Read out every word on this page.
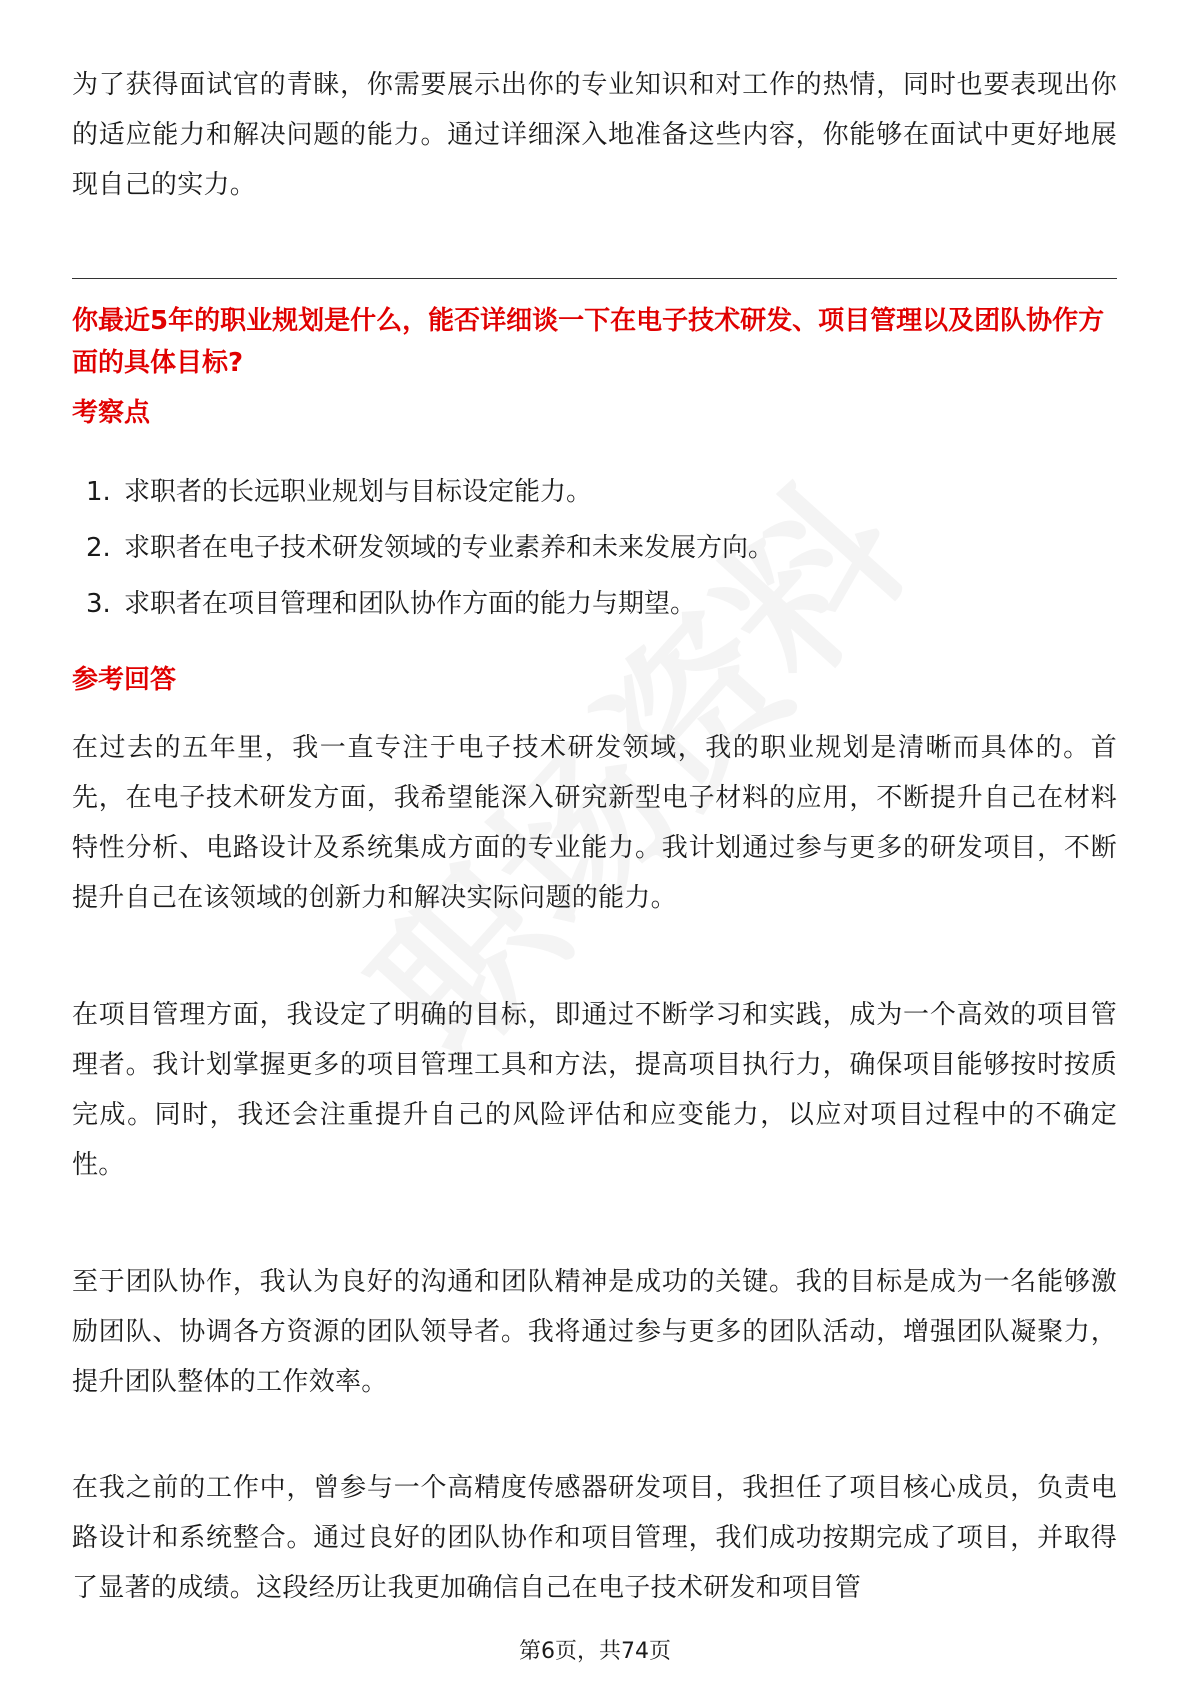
为了获得面试官的青睐，你需要展示出你的专业知识和对工作的热情，同时也要表现出你的适应能力和解决问题的能力。通过详细深入地准备这些内容，你能够在面试中更好地展现自己的实力。

你最近5年的职业规划是什么，能否详细谈一下在电子技术研发、项目管理以及团队协作方面的具体目标?

考察点

1. 求职者的长远职业规划与目标设定能力。
2. 求职者在电子技术研发领域的专业素养和未来发展方向。
3. 求职者在项目管理和团队协作方面的能力与期望。

参考回答

在过去的五年里，我一直专注于电子技术研发领域，我的职业规划是清晰而具体的。首先，在电子技术研发方面，我希望能深入研究新型电子材料的应用，不断提升自己在材料特性分析、电路设计及系统集成方面的专业能力。我计划通过参与更多的研发项目，不断提升自己在该领域的创新力和解决实际问题的能力。

在项目管理方面，我设定了明确的目标，即通过不断学习和实践，成为一个高效的项目管理者。我计划掌握更多的项目管理工具和方法，提高项目执行力，确保项目能够按时按质完成。同时，我还会注重提升自己的风险评估和应变能力，以应对项目过程中的不确定性。

至于团队协作，我认为良好的沟通和团队精神是成功的关键。我的目标是成为一名能够激励团队、协调各方资源的团队领导者。我将通过参与更多的团队活动，增强团队凝聚力，提升团队整体的工作效率。

在我之前的工作中，曾参与一个高精度传感器研发项目，我担任了项目核心成员，负责电路设计和系统整合。通过良好的团队协作和项目管理，我们成功按期完成了项目，并取得了显著的成绩。这段经历让我更加确信自己在电子技术研发和项目管

第6页，共74页
